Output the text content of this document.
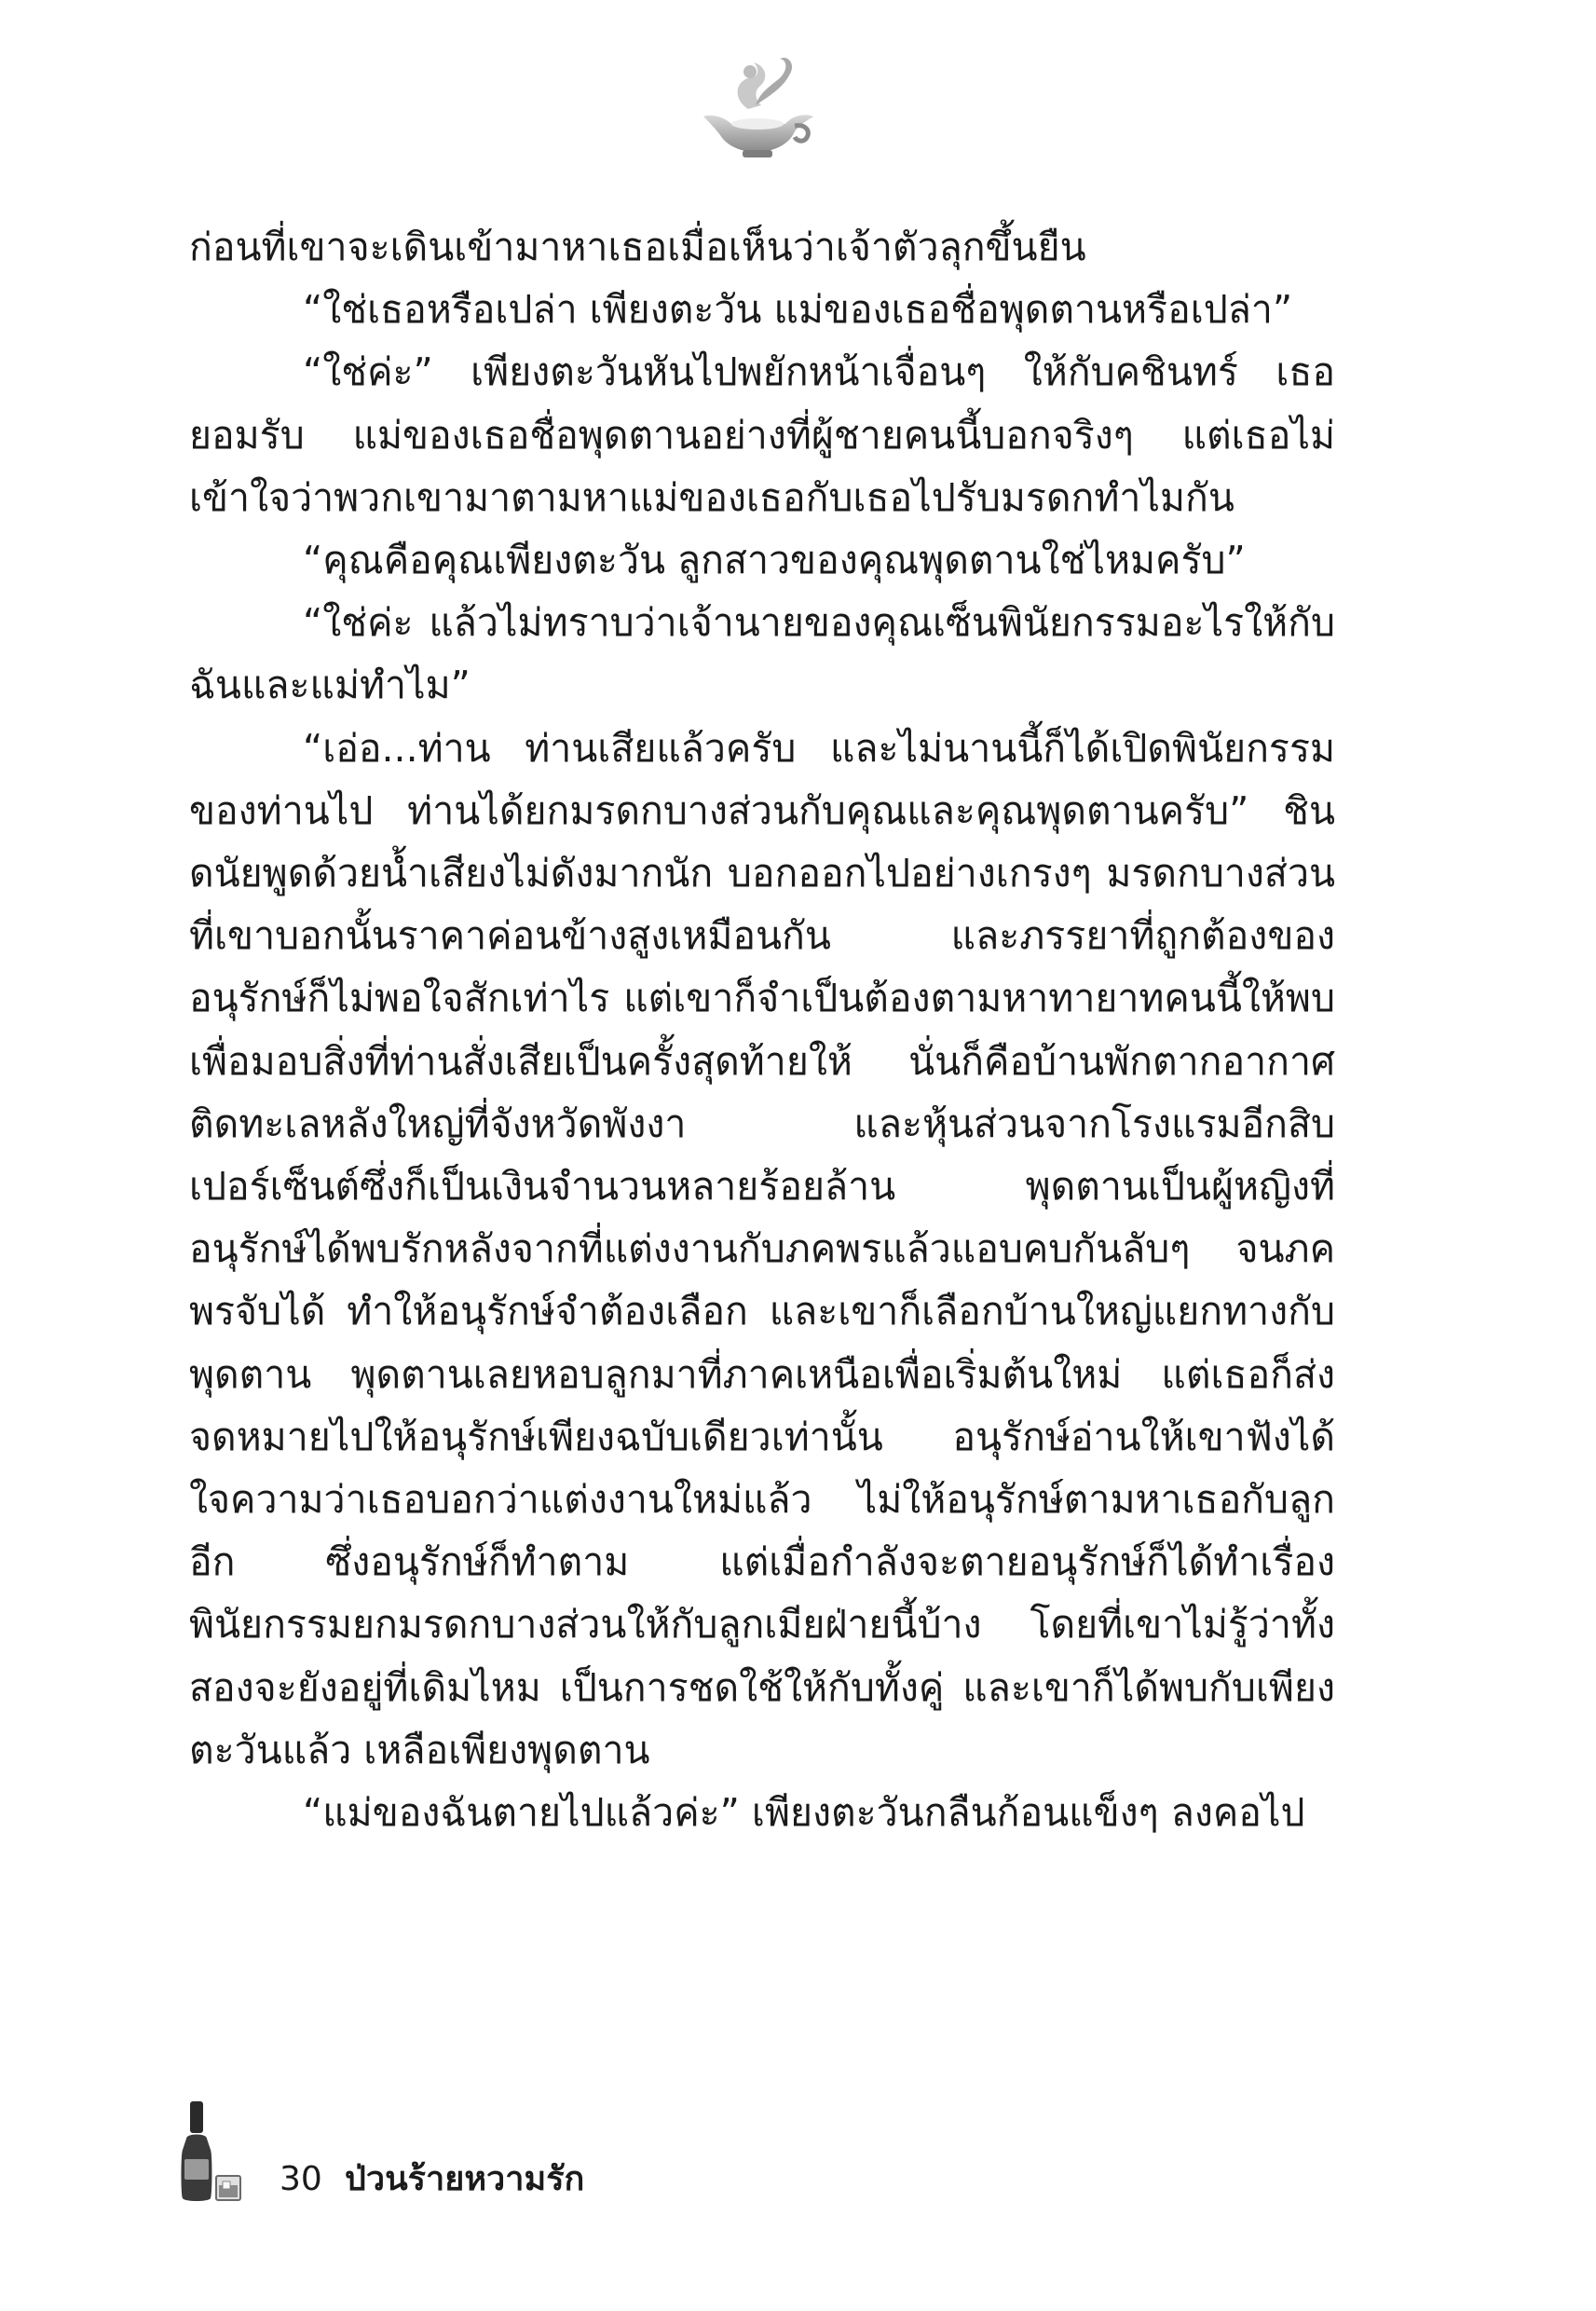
ก่อนที่เขาจะเดินเข้ามาหาเธอเมื่อเห็นว่าเจ้าตัวลุกขึ้นยืน

“ใช่เธอหรือเปล่า เพียงตะวัน แม่ของเธอชื่อพุดตานหรือเปล่า”

“ใช่ค่ะ” เพียงตะวันหันไปพยักหน้าเจื่อนๆ ให้กับคชินทร์ เธอยอมรับ แม่ของเธอชื่อพุดตานอย่างที่ผู้ชายคนนี้บอกจริงๆ แต่เธอไม่เข้าใจว่าพวกเขามาตามหาแม่ของเธอกับเธอไปรับมรดกทำไมกัน

“คุณคือคุณเพียงตะวัน ลูกสาวของคุณพุดตานใช่ไหมครับ”

“ใช่ค่ะ แล้วไม่ทราบว่าเจ้านายของคุณเซ็นพินัยกรรมอะไรให้กับฉันและแม่ทำไม”

“เอ่อ...ท่าน ท่านเสียแล้วครับ และไม่นานนี้ก็ได้เปิดพินัยกรรมของท่านไป ท่านได้ยกมรดกบางส่วนกับคุณและคุณพุดตานครับ” ชินดนัยพูดด้วยน้ำเสียงไม่ดังมากนัก บอกออกไปอย่างเกรงๆ มรดกบางส่วนที่เขาบอกนั้นราคาค่อนข้างสูงเหมือนกัน และภรรยาที่ถูกต้องของอนุรักษ์ก็ไม่พอใจสักเท่าไร แต่เขาก็จำเป็นต้องตามหาทายาทคนนี้ให้พบเพื่อมอบสิ่งที่ท่านสั่งเสียเป็นครั้งสุดท้ายให้ นั่นก็คือบ้านพักตากอากาศติดทะเลหลังใหญ่ที่จังหวัดพังงา และหุ้นส่วนจากโรงแรมอีกสิบเปอร์เซ็นต์ซึ่งก็เป็นเงินจำนวนหลายร้อยล้าน พุดตานเป็นผู้หญิงที่อนุรักษ์ได้พบรักหลังจากที่แต่งงานกับภคพรแล้วแอบคบกันลับๆ จนภคพรจับได้ ทำให้อนุรักษ์จำต้องเลือก และเขาก็เลือกบ้านใหญ่แยกทางกับพุดตาน พุดตานเลยหอบลูกมาที่ภาคเหนือเพื่อเริ่มต้นใหม่ แต่เธอก็ส่งจดหมายไปให้อนุรักษ์เพียงฉบับเดียวเท่านั้น อนุรักษ์อ่านให้เขาฟังได้ใจความว่าเธอบอกว่าแต่งงานใหม่แล้ว ไม่ให้อนุรักษ์ตามหาเธอกับลูกอีก ซึ่งอนุรักษ์ก็ทำตาม แต่เมื่อกำลังจะตายอนุรักษ์ก็ได้ทำเรื่องพินัยกรรมยกมรดกบางส่วนให้กับลูกเมียฝ่ายนี้บ้าง โดยที่เขาไม่รู้ว่าทั้งสองจะยังอยู่ที่เดิมไหม เป็นการชดใช้ให้กับทั้งคู่ และเขาก็ได้พบกับเพียงตะวันแล้ว เหลือเพียงพุดตาน

“แม่ของฉันตายไปแล้วค่ะ” เพียงตะวันกลืนก้อนแข็งๆ ลงคอไป

30 ป่วนร้ายหวามรัก
